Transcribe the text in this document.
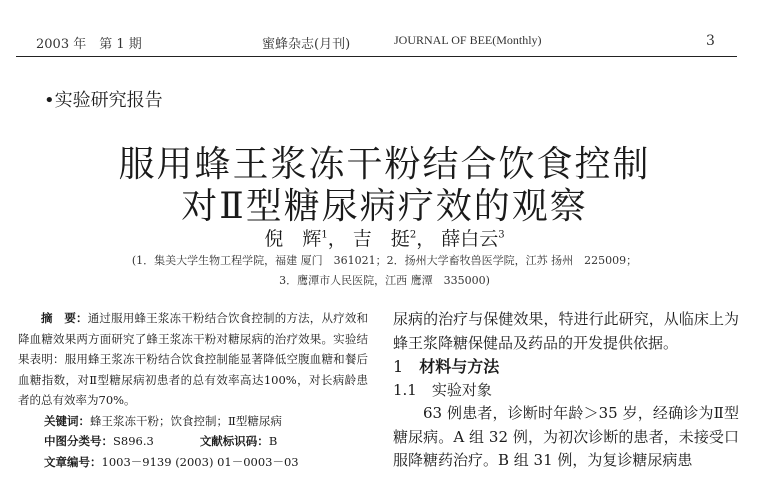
2003 年　第 1 期	蜜蜂杂志(月刊)	JOURNAL OF BEE(Monthly)	3
•实验研究报告
服用蜂王浆冻干粉结合饮食控制
对Ⅱ型糖尿病疗效的观察
倪　辉$^1$， 吉　挺$^2$， 薛白云$^3$
(1．集美大学生物工程学院，福建 厦门　361021；2．扬州大学畜牧兽医学院，江苏 扬州　225009；
3．鹰潭市人民医院，江西 鹰潭　335000)

摘　要：通过服用蜂王浆冻干粉结合饮食控制的方法，从疗效和降血糖效果两方面研究了蜂王浆冻干粉对糖尿病的治疗效果。实验结果表明：服用蜂王浆冻干粉结合饮食控制能显著降低空腹血糖和餐后血糖指数，对Ⅱ型糖尿病初患者的总有效率高达100%，对长病龄患者的总有效率为70%。

关键词：蜂王浆冻干粉；饮食控制；Ⅱ型糖尿病

中图分类号：S896.3	文献标识码：B

文章编号：1003－9139 (2003) 01－0003－03

尿病的治疗与保健效果，特进行此研究，从临床上为蜂王浆降糖保健品及药品的开发提供依据。

1　 材料与方法

1.1　 实验对象

63 例患者，诊断时年龄＞35 岁，经确诊为Ⅱ型糖尿病。A 组 32 例，为初次诊断的患者，未接受口服降糖药治疗。B 组 31 例，为复诊糖尿病患
